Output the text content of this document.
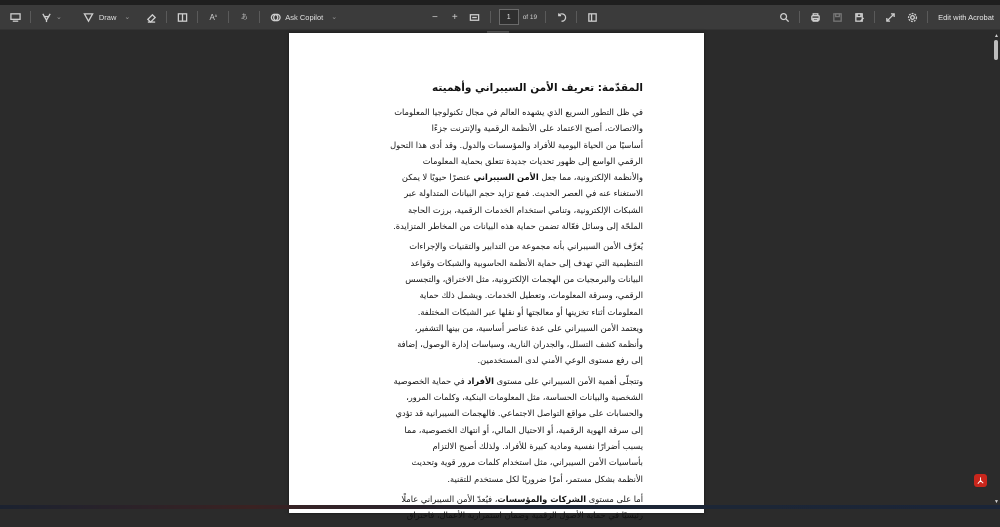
⌄	Draw ⌄	A ᴬ	あ	Ask Copilot ⌄	− +	1	of 19	Edit with Acrobat
المقدّمة: تعريف الأمن السيبراني وأهميته
في ظل التطور السريع الذي يشهده العالم في مجال تكنولوجيا المعلومات
والاتصالات، أصبح الاعتماد على الأنظمة الرقمية والإنترنت جزءًا
أساسيًا من الحياة اليومية للأفراد والمؤسسات والدول. وقد أدى هذا التحول
الرقمي الواسع إلى ظهور تحديات جديدة تتعلق بحماية المعلومات
والأنظمة الإلكترونية، مما جعل الأمن السيبراني عنصرًا حيويًا لا يمكن
الاستغناء عنه في العصر الحديث. فمع تزايد حجم البيانات المتداولة عبر
الشبكات الإلكترونية، وتنامي استخدام الخدمات الرقمية، برزت الحاجة
الملحّة إلى وسائل فعّالة تضمن حماية هذه البيانات من المخاطر المتزايدة.
يُعرَّف الأمن السيبراني بأنه مجموعة من التدابير والتقنيات والإجراءات
التنظيمية التي تهدف إلى حماية الأنظمة الحاسوبية والشبكات وقواعد
البيانات والبرمجيات من الهجمات الإلكترونية، مثل الاختراق، والتجسس
الرقمي، وسرقة المعلومات، وتعطيل الخدمات. ويشمل ذلك حماية
المعلومات أثناء تخزينها أو معالجتها أو نقلها عبر الشبكات المختلفة.
ويعتمد الأمن السيبراني على عدة عناصر أساسية، من بينها التشفير،
وأنظمة كشف التسلل، والجدران النارية، وسياسات إدارة الوصول، إضافة
إلى رفع مستوى الوعي الأمني لدى المستخدمين.
وتتجلّى أهمية الأمن السيبراني على مستوى الأفراد في حماية الخصوصية
الشخصية والبيانات الحساسة، مثل المعلومات البنكية، وكلمات المرور،
والحسابات على مواقع التواصل الاجتماعي. فالهجمات السيبرانية قد تؤدي
إلى سرقة الهوية الرقمية، أو الاحتيال المالي، أو انتهاك الخصوصية، مما
يسبب أضرارًا نفسية ومادية كبيرة للأفراد. ولذلك أصبح الالتزام
بأساسيات الأمن السيبراني، مثل استخدام كلمات مرور قوية وتحديث
الأنظمة بشكل مستمر، أمرًا ضروريًا لكل مستخدم للتقنية.
أما على مستوى الشركات والمؤسسات، فيُعدّ الأمن السيبراني عاملًا
رئيسيًا في حماية الأصول الرقمية وضمان استمرارية الأعمال، فاختراق
▲
▼
